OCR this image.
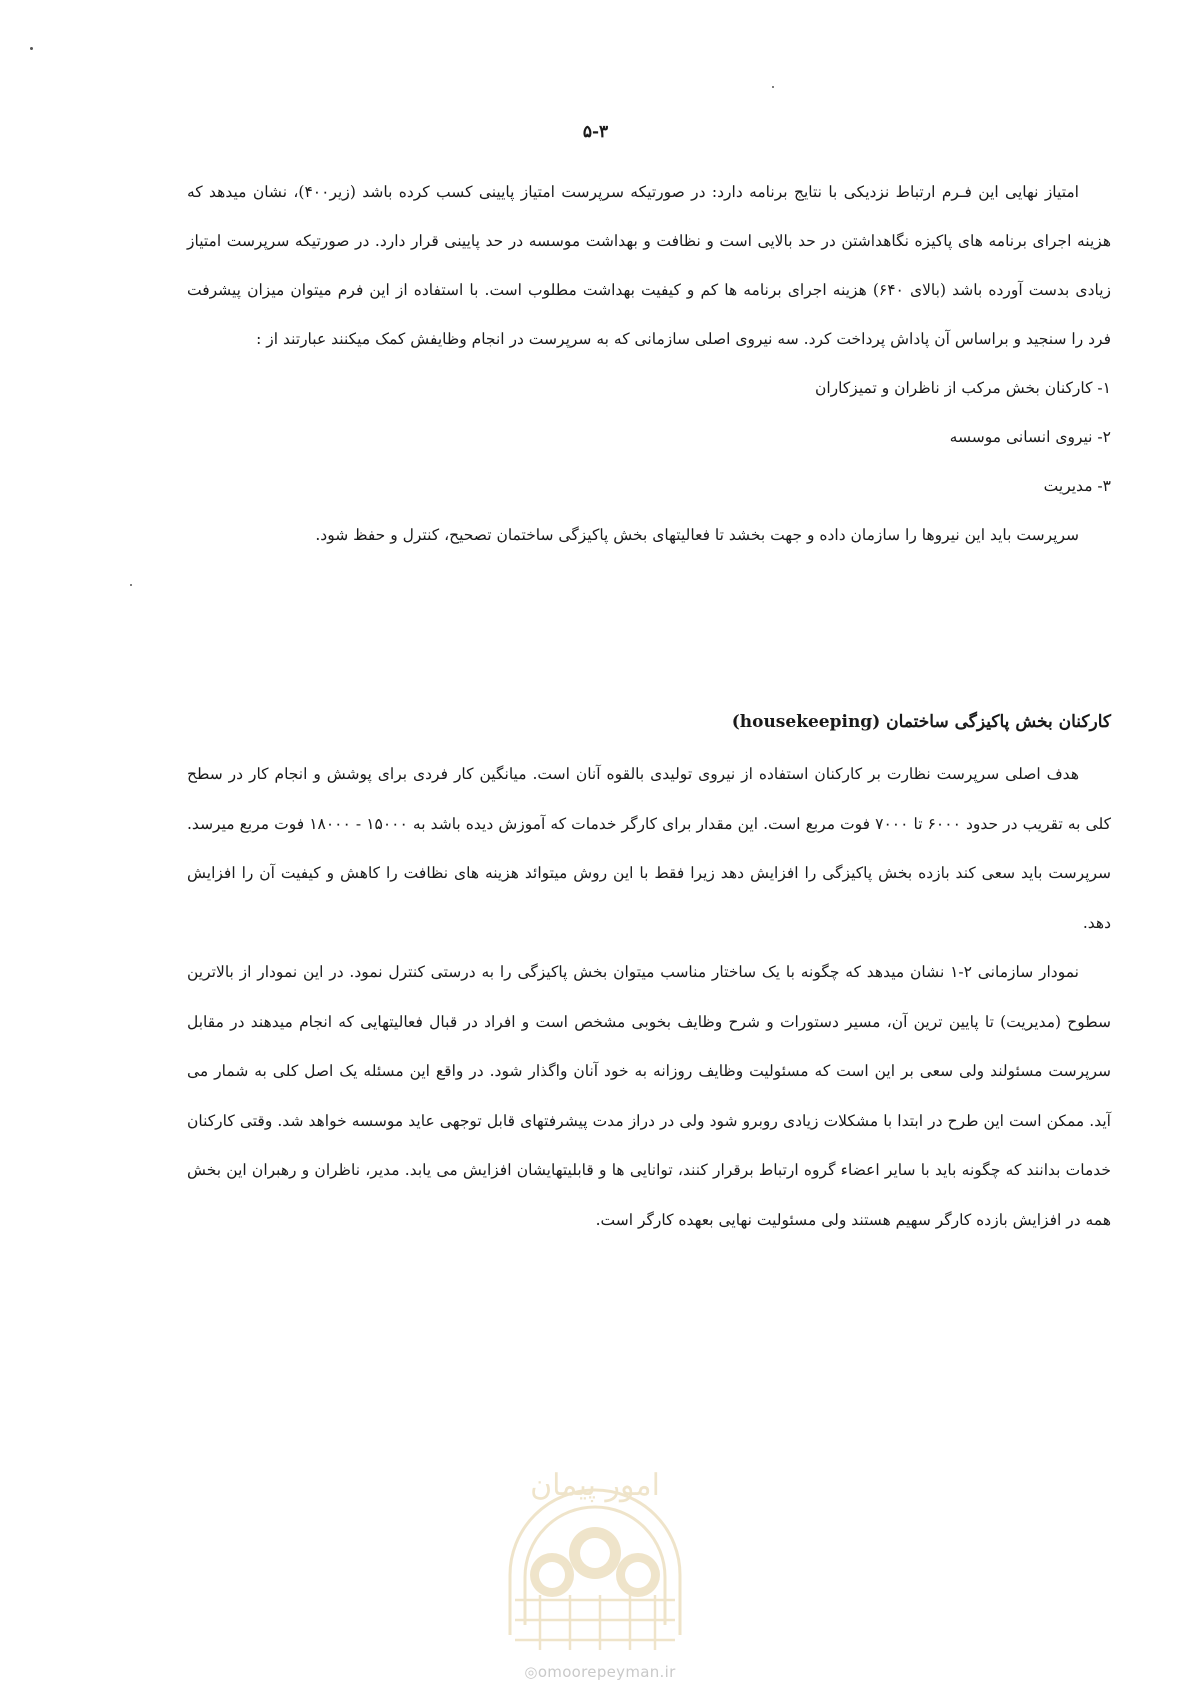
۵-۳

امتیاز نهایی این فـرم ارتباط نزدیکی با نتایج برنامه دارد: در صورتیکه سرپرست امتیاز پایینی کسب کرده باشد (زیر۴۰۰)، نشان میدهد که هزینه اجرای برنامه های پاکیزه نگاهداشتن در حد بالایی است و نظافت و بهداشت موسسه در حد پایینی قرار دارد. در صورتیکه سرپرست امتیاز زیادی بدست آورده باشد (بالای ۶۴۰) هزینه اجرای برنامه ها کم و کیفیت بهداشت مطلوب است. با استفاده از این فرم میتوان میزان پیشرفت فرد را سنجید و براساس آن پاداش پرداخت کرد. سه نیروی اصلی سازمانی که به سرپرست در انجام وظایفش کمک میکنند عبارتند از :

۱- کارکنان بخش مرکب از ناظران و تمیزکاران

۲- نیروی انسانی موسسه

۳- مدیریت

سرپرست باید این نیروها را سازمان داده و جهت بخشد تا فعالیتهای بخش پاکیزگی ساختمان تصحیح، کنترل و حفظ شود.

کارکنان بخش پاکیزگی ساختمان (housekeeping)

هدف اصلی سرپرست نظارت بر کارکنان استفاده از نیروی تولیدی بالقوه آنان است. میانگین کار فردی برای پوشش و انجام کار در سطح کلی به تقریب در حدود ۶۰۰۰ تا ۷۰۰۰ فوت مربع است. این مقدار برای کارگر خدمات که آموزش دیده باشد به ۱۵۰۰۰ - ۱۸۰۰۰ فوت مربع میرسد. سرپرست باید سعی کند بازده بخش پاکیزگی را افزایش دهد زیرا فقط با این روش میتوائد هزینه های نظافت را کاهش و کیفیت آن را افزایش دهد.

نمودار سازمانی ۲-۱ نشان میدهد که چگونه با یک ساختار مناسب میتوان بخش پاکیزگی را به درستی کنترل نمود. در این نمودار از بالاترین سطوح (مدیریت) تا پایین ترین آن، مسیر دستورات و شرح وظایف بخوبی مشخص است و افراد در قبال فعالیتهایی که انجام میدهند در مقابل سرپرست مسئولند ولی سعی بر این است که مسئولیت وظایف روزانه به خود آنان واگذار شود. در واقع این مسئله یک اصل کلی به شمار می آید. ممکن است این طرح در ابتدا با مشکلات زیادی روبرو شود ولی در دراز مدت پیشرفتهای قابل توجهی عاید موسسه خواهد شد. وقتی کارکنان خدمات بدانند که چگونه باید با سایر اعضاء گروه ارتباط برقرار کنند، توانایی ها و قابلیتهایشان افزایش می یابد. مدیر، ناظران و رهبران این بخش همه در افزایش بازده کارگر سهیم هستند ولی مسئولیت نهایی بعهده کارگر است.

امور پیمان
◎omoorepeyman.ir
